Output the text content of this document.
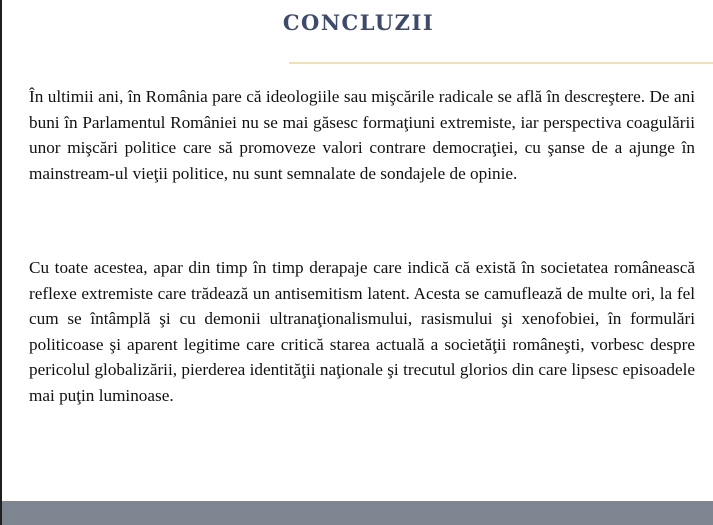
CONCLUZII

În ultimii ani, în România pare că ideologiile sau mişcările radicale se află în descreştere. De ani buni în Parlamentul României nu se mai găsesc formaţiuni extremiste, iar perspectiva coagulării unor mişcări politice care să promoveze valori contrare democraţiei, cu şanse de a ajunge în mainstream-ul vieţii politice, nu sunt semnalate de sondajele de opinie.

Cu toate acestea, apar din timp în timp derapaje care indică că există în societatea românească reflexe extremiste care trădează un antisemitism latent. Acesta se camuflează de multe ori, la fel cum se întâmplă şi cu demonii ultranaţionalismului, rasismului şi xenofobiei, în formulări politicoase şi aparent legitime care critică starea actuală a societăţii româneşti, vorbesc despre pericolul globalizării, pierderea identităţii naţionale şi trecutul glorios din care lipsesc episoadele mai puţin luminoase.
